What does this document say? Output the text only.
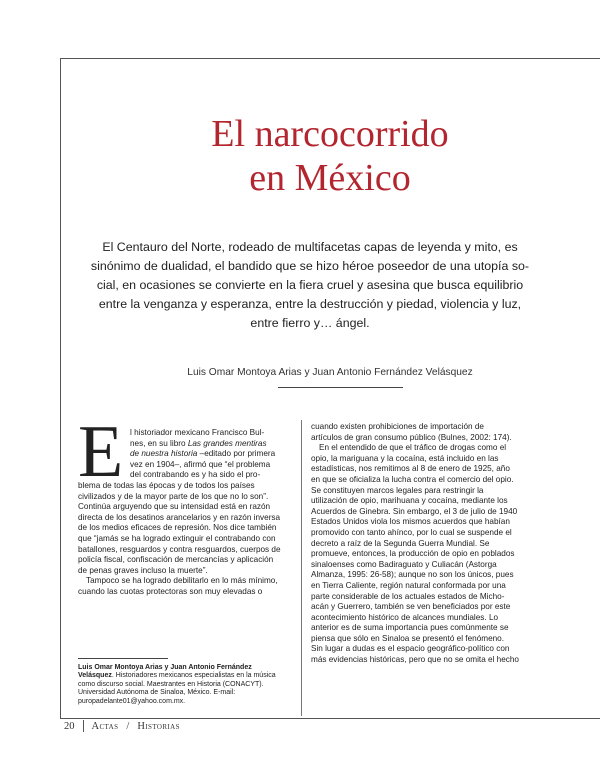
El narcocorrido
en México

El Centauro del Norte, rodeado de multifacetas capas de leyenda y mito, es
sinónimo de dualidad, el bandido que se hizo héroe poseedor de una utopía so-
cial, en ocasiones se convierte en la fiera cruel y asesina que busca equilibrio
entre la venganza y esperanza, entre la destrucción y piedad, violencia y luz,
entre fierro y… ángel.

Luis Omar Montoya Arias y Juan Antonio Fernández Velásquez

E l historiador mexicano Francisco Bul-
nes, en su libro Las grandes mentiras
de nuestra historia –editado por primera
vez en 1904–, afirmó que “el problema
del contrabando es y ha sido el pro-
blema de todas las épocas y de todos los países
civilizados y de la mayor parte de los que no lo son”.
Continúa arguyendo que su intensidad está en razón
directa de los desatinos arancelarios y en razón inversa
de los medios eficaces de represión. Nos dice también
que “jamás se ha logrado extinguir el contrabando con
batallones, resguardos y contra resguardos, cuerpos de
policía fiscal, confiscación de mercancías y aplicación
de penas graves incluso la muerte”.
Tampoco se ha logrado debilitarlo en lo más mínimo,
cuando las cuotas protectoras son muy elevadas o
cuando existen prohibiciones de importación de
artículos de gran consumo público (Bulnes, 2002: 174).
En el entendido de que el tráfico de drogas como el
opio, la mariguana y la cocaína, está incluido en las
estadísticas, nos remitimos al 8 de enero de 1925, año
en que se oficializa la lucha contra el comercio del opio.
Se constituyen marcos legales para restringir la
utilización de opio, marihuana y cocaína, mediante los
Acuerdos de Ginebra. Sin embargo, el 3 de julio de 1940
Estados Unidos viola los mismos acuerdos que habían
promovido con tanto ahínco, por lo cual se suspende el
decreto a raíz de la Segunda Guerra Mundial. Se
promueve, entonces, la producción de opio en poblados
sinaloenses como Badiraguato y Culiacán (Astorga
Almanza, 1995: 26-58); aunque no son los únicos, pues
en Tierra Caliente, región natural conformada por una
parte considerable de los actuales estados de Micho-
acán y Guerrero, también se ven beneficiados por este
acontecimiento histórico de alcances mundiales. Lo
anterior es de suma importancia pues comúnmente se
piensa que sólo en Sinaloa se presentó el fenómeno.
Sin lugar a dudas es el espacio geográfico-político con
más evidencias históricas, pero que no se omita el hecho
Luis Omar Montoya Arias y Juan Antonio Fernández
Velásquez. Historiadores mexicanos especialistas en la música
como discurso social. Maestrantes en Historia (CONACYT).
Universidad Autónoma de Sinaloa, México. E-mail:
puropadelante01@yahoo.com.mx.
20 Actas / Historias
